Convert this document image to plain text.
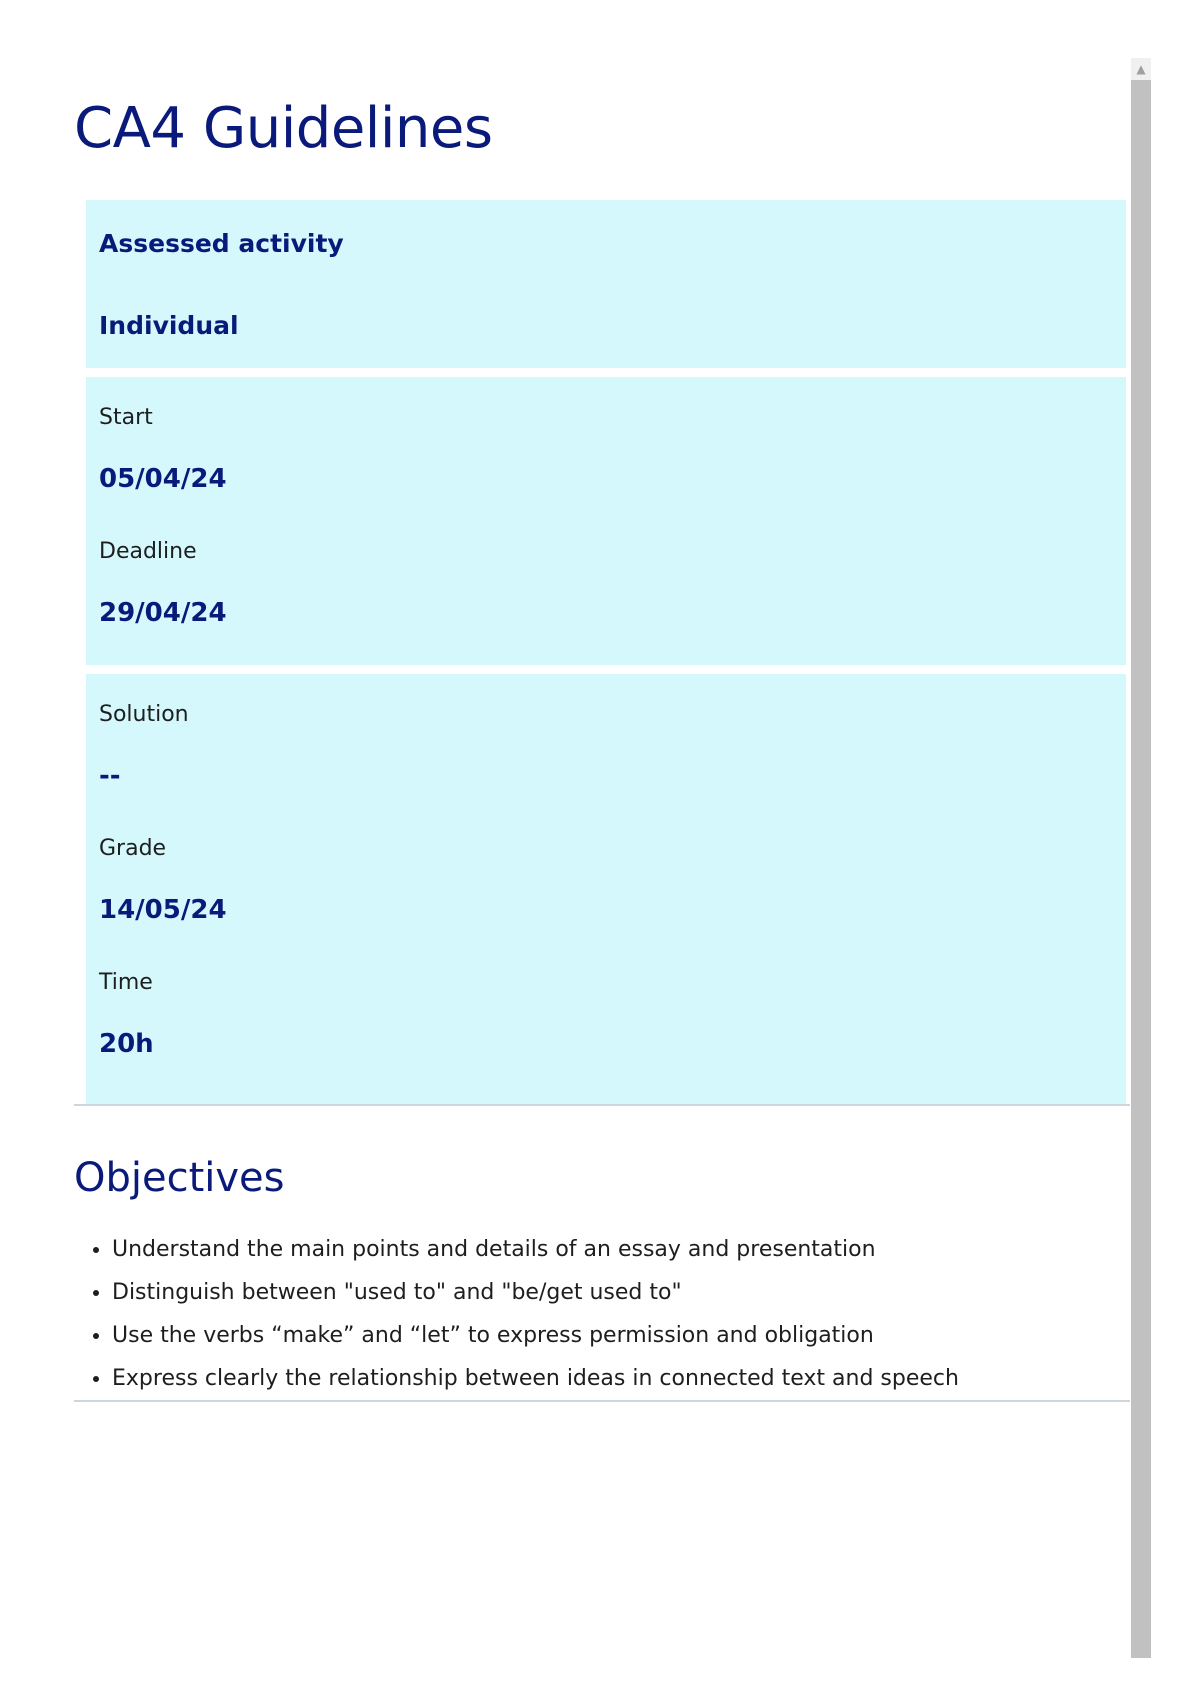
CA4 Guidelines
Assessed activity
Individual
Start
05/04/24
Deadline
29/04/24
Solution
--
Grade
14/05/24
Time
20h
Objectives
• Understand the main points and details of an essay and presentation
• Distinguish between "used to" and "be/get used to"
• Use the verbs “make” and “let” to express permission and obligation
• Express clearly the relationship between ideas in connected text and speech
▲
